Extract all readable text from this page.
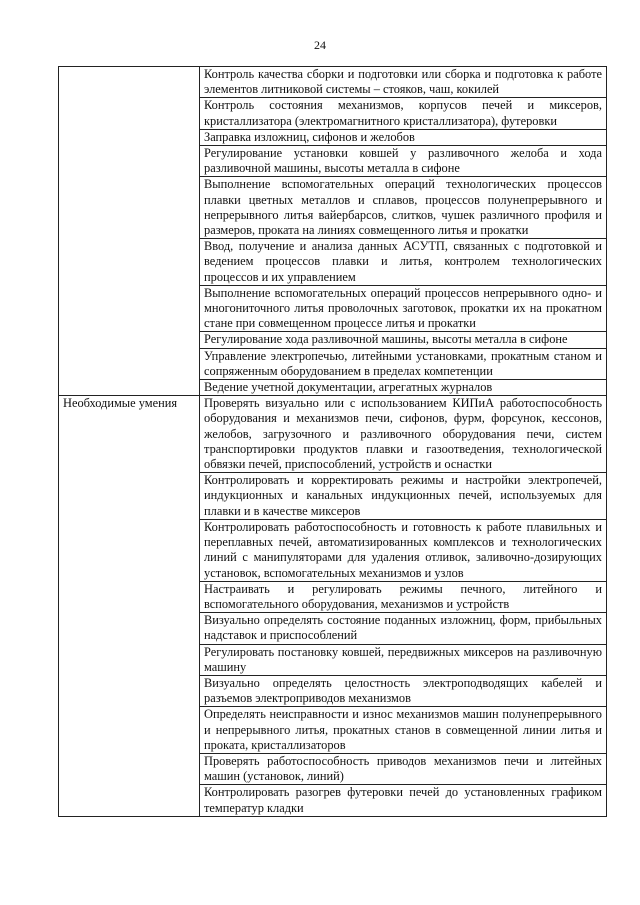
24

	Контроль качества сборки и подготовки или сборка и подготовка к работе элементов литниковой системы – стояков, чаш, кокилей

	Контроль состояния механизмов, корпусов печей и миксеров, кристаллизатора (электромагнитного кристаллизатора), футеровки

	Заправка изложниц, сифонов и желобов

	Регулирование установки ковшей у разливочного желоба и хода разливочной машины, высоты металла в сифоне

	Выполнение вспомогательных операций технологических процессов плавки цветных металлов и сплавов, процессов полунепрерывного и непрерывного литья вайербарсов, слитков, чушек различного профиля и размеров, проката на линиях совмещенного литья и прокатки

	Ввод, получение и анализа данных АСУТП, связанных с подготовкой и ведением процессов плавки и литья, контролем технологических процессов и их управлением

	Выполнение вспомогательных операций процессов непрерывного одно- и многониточного литья проволочных заготовок, прокатки их на прокатном стане при совмещенном процессе литья и прокатки

	Регулирование хода разливочной машины, высоты металла в сифоне

	Управление электропечью, литейными установками, прокатным станом и сопряженным оборудованием в пределах компетенции

	Ведение учетной документации, агрегатных журналов

Необходимые умения	Проверять визуально или с использованием КИПиА работоспособность оборудования и механизмов печи, сифонов, фурм, форсунок, кессонов, желобов, загрузочного и разливочного оборудования печи, систем транспортировки продуктов плавки и газоотведения, технологической обвязки печей, приспособлений, устройств и оснастки

	Контролировать и корректировать режимы и настройки электропечей, индукционных и канальных индукционных печей, используемых для плавки и в качестве миксеров

	Контролировать работоспособность и готовность к работе плавильных и переплавных печей, автоматизированных комплексов и технологических линий с манипуляторами для удаления отливок, заливочно-дозирующих установок, вспомогательных механизмов и узлов

	Настраивать и регулировать режимы печного, литейного и вспомогательного оборудования, механизмов и устройств

	Визуально определять состояние поданных изложниц, форм, прибыльных надставок и приспособлений

	Регулировать постановку ковшей, передвижных миксеров на разливочную машину

	Визуально определять целостность электроподводящих кабелей и разъемов электроприводов механизмов

	Определять неисправности и износ механизмов машин полунепрерывного и непрерывного литья, прокатных станов в совмещенной линии литья и проката, кристаллизаторов

	Проверять работоспособность приводов механизмов печи и литейных машин (установок, линий)

	Контролировать разогрев футеровки печей до установленных графиком температур кладки
